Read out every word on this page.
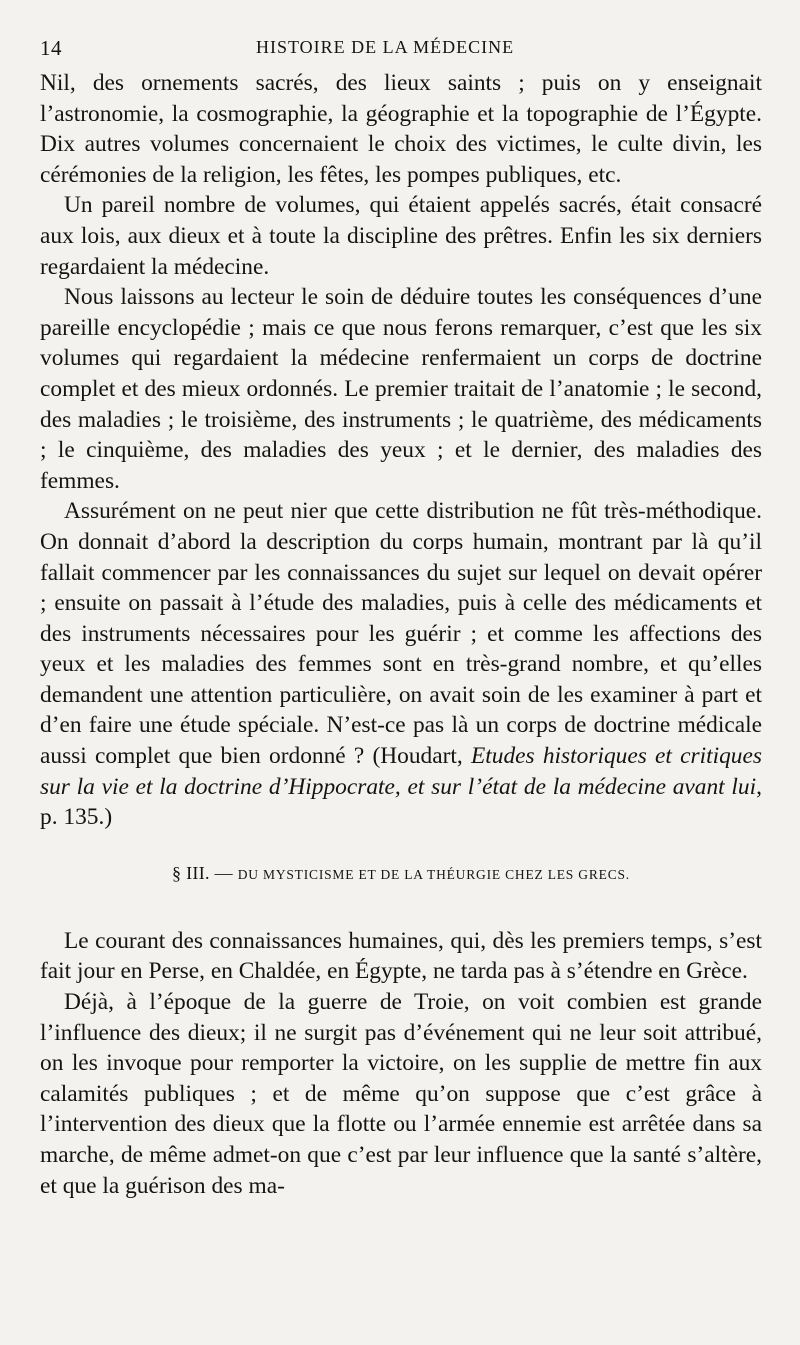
14	HISTOIRE DE LA MÉDECINE

Nil, des ornements sacrés, des lieux saints ; puis on y enseignait l’astronomie, la cosmographie, la géographie et la topographie de l’Égypte. Dix autres volumes concernaient le choix des victimes, le culte divin, les cérémonies de la religion, les fêtes, les pompes publiques, etc.

Un pareil nombre de volumes, qui étaient appelés sacrés, était consacré aux lois, aux dieux et à toute la discipline des prêtres. Enfin les six derniers regardaient la médecine.

Nous laissons au lecteur le soin de déduire toutes les conséquences d’une pareille encyclopédie ; mais ce que nous ferons remarquer, c’est que les six volumes qui regardaient la médecine renfermaient un corps de doctrine complet et des mieux ordonnés. Le premier traitait de l’anatomie ; le second, des maladies ; le troisième, des instruments ; le quatrième, des médicaments ; le cinquième, des maladies des yeux ; et le dernier, des maladies des femmes.

Assurément on ne peut nier que cette distribution ne fût très-méthodique. On donnait d’abord la description du corps humain, montrant par là qu’il fallait commencer par les connaissances du sujet sur lequel on devait opérer ; ensuite on passait à l’étude des maladies, puis à celle des médicaments et des instruments nécessaires pour les guérir ; et comme les affections des yeux et les maladies des femmes sont en très-grand nombre, et qu’elles demandent une attention particulière, on avait soin de les examiner à part et d’en faire une étude spéciale. N’est-ce pas là un corps de doctrine médicale aussi complet que bien ordonné ? (Houdart, Etudes historiques et critiques sur la vie et la doctrine d’Hippocrate, et sur l’état de la médecine avant lui, p. 135.)

§ III. — DU MYSTICISME ET DE LA THÉURGIE CHEZ LES GRECS.

Le courant des connaissances humaines, qui, dès les premiers temps, s’est fait jour en Perse, en Chaldée, en Égypte, ne tarda pas à s’étendre en Grèce.

Déjà, à l’époque de la guerre de Troie, on voit combien est grande l’influence des dieux; il ne surgit pas d’événement qui ne leur soit attribué, on les invoque pour remporter la victoire, on les supplie de mettre fin aux calamités publiques ; et de même qu’on suppose que c’est grâce à l’intervention des dieux que la flotte ou l’armée ennemie est arrêtée dans sa marche, de même admet-on que c’est par leur influence que la santé s’altère, et que la guérison des ma-
